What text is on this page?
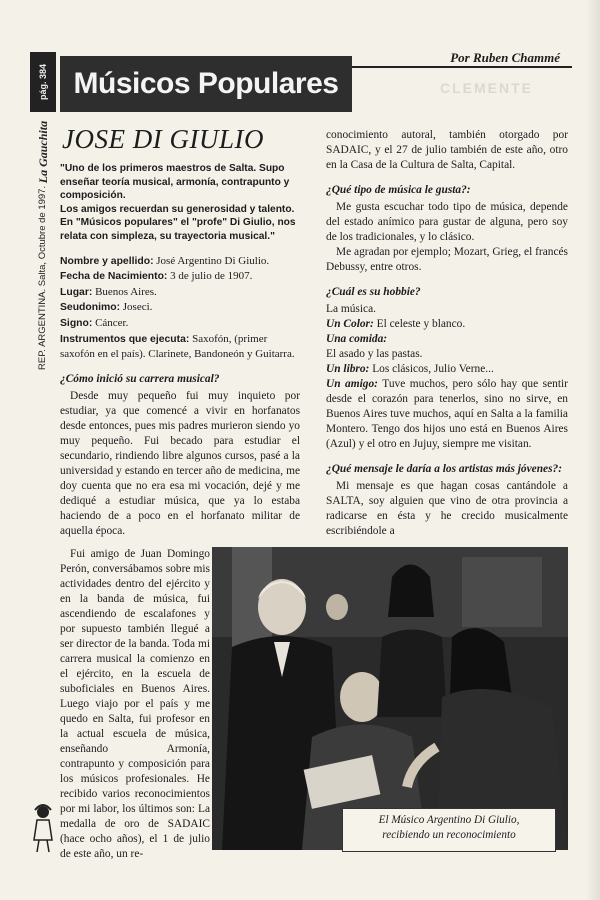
CLEMENTE
Por Ruben Chammé
pág. 384 Músicos Populares
REP. ARGENTINA. Salta, Octubre de 1997. La Gauchita JOSE DI GIULIO

"Uno de los primeros maestros de Salta. Supo enseñar teoría musical, armonía, contrapunto y composición.

Los amigos recuerdan su generosidad y talento.

En "Músicos populares" el "profe" Di Giulio, nos relata con simpleza, su trayectoria musical."

Nombre y apellido: José Argentino Di Giulio.
Fecha de Nacimiento: 3 de julio de 1907.
Lugar: Buenos Aires.
Seudonimo: Joseci.
Signo: Cáncer.
Instrumentos que ejecuta: Saxofón, (primer saxofón en el país). Clarinete, Bandoneón y Guitarra.
¿Cómo inició su carrera musical?

Desde muy pequeño fui muy inquieto por estudiar, ya que comencé a vivir en horfanatos desde entonces, pues mis padres murieron siendo yo muy pequeño. Fui becado para estudiar el secundario, rindiendo libre algunos cursos, pasé a la universidad y estando en tercer año de medicina, me doy cuenta que no era esa mi vocación, dejé y me dediqué a estudiar música, que ya lo estaba haciendo de a poco en el horfanato militar de aquella época.

Fui amigo de Juan Domingo Perón, conversábamos sobre mis actividades dentro del ejército y en la banda de música, fui ascendiendo de escalafones y por supuesto también llegué a ser director de la banda. Toda mi carrera musical la comienzo en el ejército, en la escuela de suboficiales en Buenos Aires. Luego viajo por el país y me quedo en Salta, fui profesor en la actual escuela de música, enseñando Armonía, contrapunto y composición para los músicos profesionales. He recibido varios reconocimientos por mi labor, los últimos son: La medalla de oro de SADAIC (hace ocho años), el 1 de julio de este año, un re-

conocimiento autoral, también otorgado por SADAIC, y el 27 de julio también de este año, otro en la Casa de la Cultura de Salta, Capital.

¿Qué tipo de música le gusta?:

Me gusta escuchar todo tipo de música, depende del estado anímico para gustar de alguna, pero soy de los tradicionales, y lo clásico.

Me agradan por ejemplo; Mozart, Grieg, el francés Debussy, entre otros.

¿Cuál es su hobbie?
La música.
Un Color: El celeste y blanco.
Una comida:
El asado y las pastas.
Un libro: Los clásicos, Julio Verne...

Un amigo: Tuve muchos, pero sólo hay que sentir desde el corazón para tenerlos, sino no sirve, en Buenos Aires tuve muchos, aquí en Salta a la familia Montero. Tengo dos hijos uno está en Buenos Aires (Azul) y el otro en Jujuy, siempre me visitan.

¿Qué mensaje le daría a los artistas más jóvenes?:

Mi mensaje es que hagan cosas cantándole a SALTA, soy alguien que vino de otra provincia a radicarse en ésta y he crecido musicalmente escribiéndole a

El Músico Argentino Di Giulio,
recibiendo un reconocimiento
